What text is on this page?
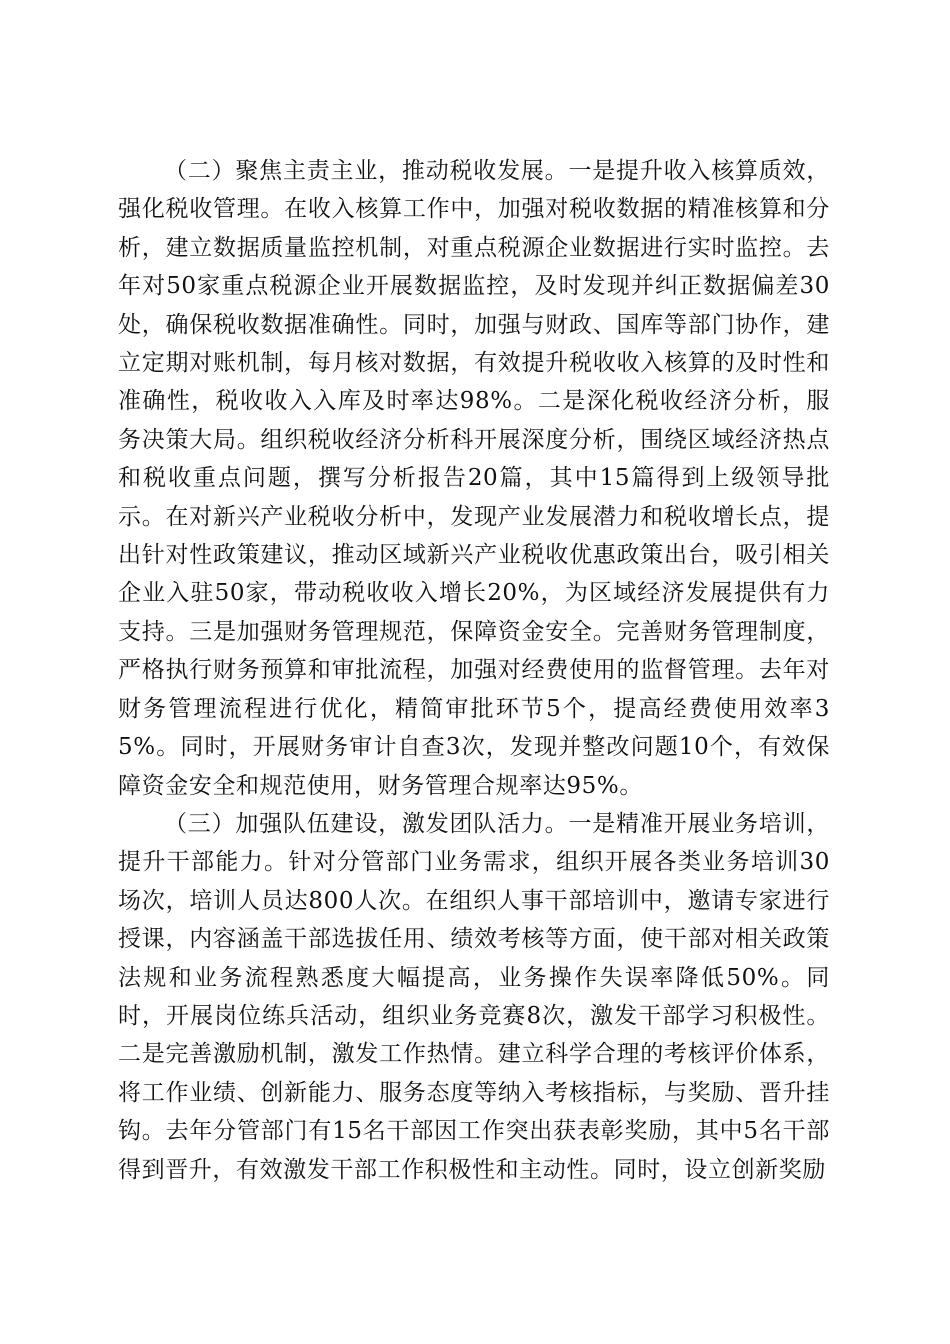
（二）聚焦主责主业，推动税收发展。一是提升收入核算质效，强化税收管理。在收入核算工作中，加强对税收数据的精准核算和分析，建立数据质量监控机制，对重点税源企业数据进行实时监控。去年对50家重点税源企业开展数据监控，及时发现并纠正数据偏差30处，确保税收数据准确性。同时，加强与财政、国库等部门协作，建立定期对账机制，每月核对数据，有效提升税收收入核算的及时性和准确性，税收收入入库及时率达98%。二是深化税收经济分析，服务决策大局。组织税收经济分析科开展深度分析，围绕区域经济热点和税收重点问题，撰写分析报告20篇，其中15篇得到上级领导批示。在对新兴产业税收分析中，发现产业发展潜力和税收增长点，提出针对性政策建议，推动区域新兴产业税收优惠政策出台，吸引相关企业入驻50家，带动税收收入增长20%，为区域经济发展提供有力支持。三是加强财务管理规范，保障资金安全。完善财务管理制度，严格执行财务预算和审批流程，加强对经费使用的监督管理。去年对财务管理流程进行优化，精简审批环节5个，提高经费使用效率35%。同时，开展财务审计自查3次，发现并整改问题10个，有效保障资金安全和规范使用，财务管理合规率达95%。

（三）加强队伍建设，激发团队活力。一是精准开展业务培训，提升干部能力。针对分管部门业务需求，组织开展各类业务培训30场次，培训人员达800人次。在组织人事干部培训中，邀请专家进行授课，内容涵盖干部选拔任用、绩效考核等方面，使干部对相关政策法规和业务流程熟悉度大幅提高，业务操作失误率降低50%。同时，开展岗位练兵活动，组织业务竞赛8次，激发干部学习积极性。二是完善激励机制，激发工作热情。建立科学合理的考核评价体系，将工作业绩、创新能力、服务态度等纳入考核指标，与奖励、晋升挂钩。去年分管部门有15名干部因工作突出获表彰奖励，其中5名干部得到晋升，有效激发干部工作积极性和主动性。同时，设立创新奖励
